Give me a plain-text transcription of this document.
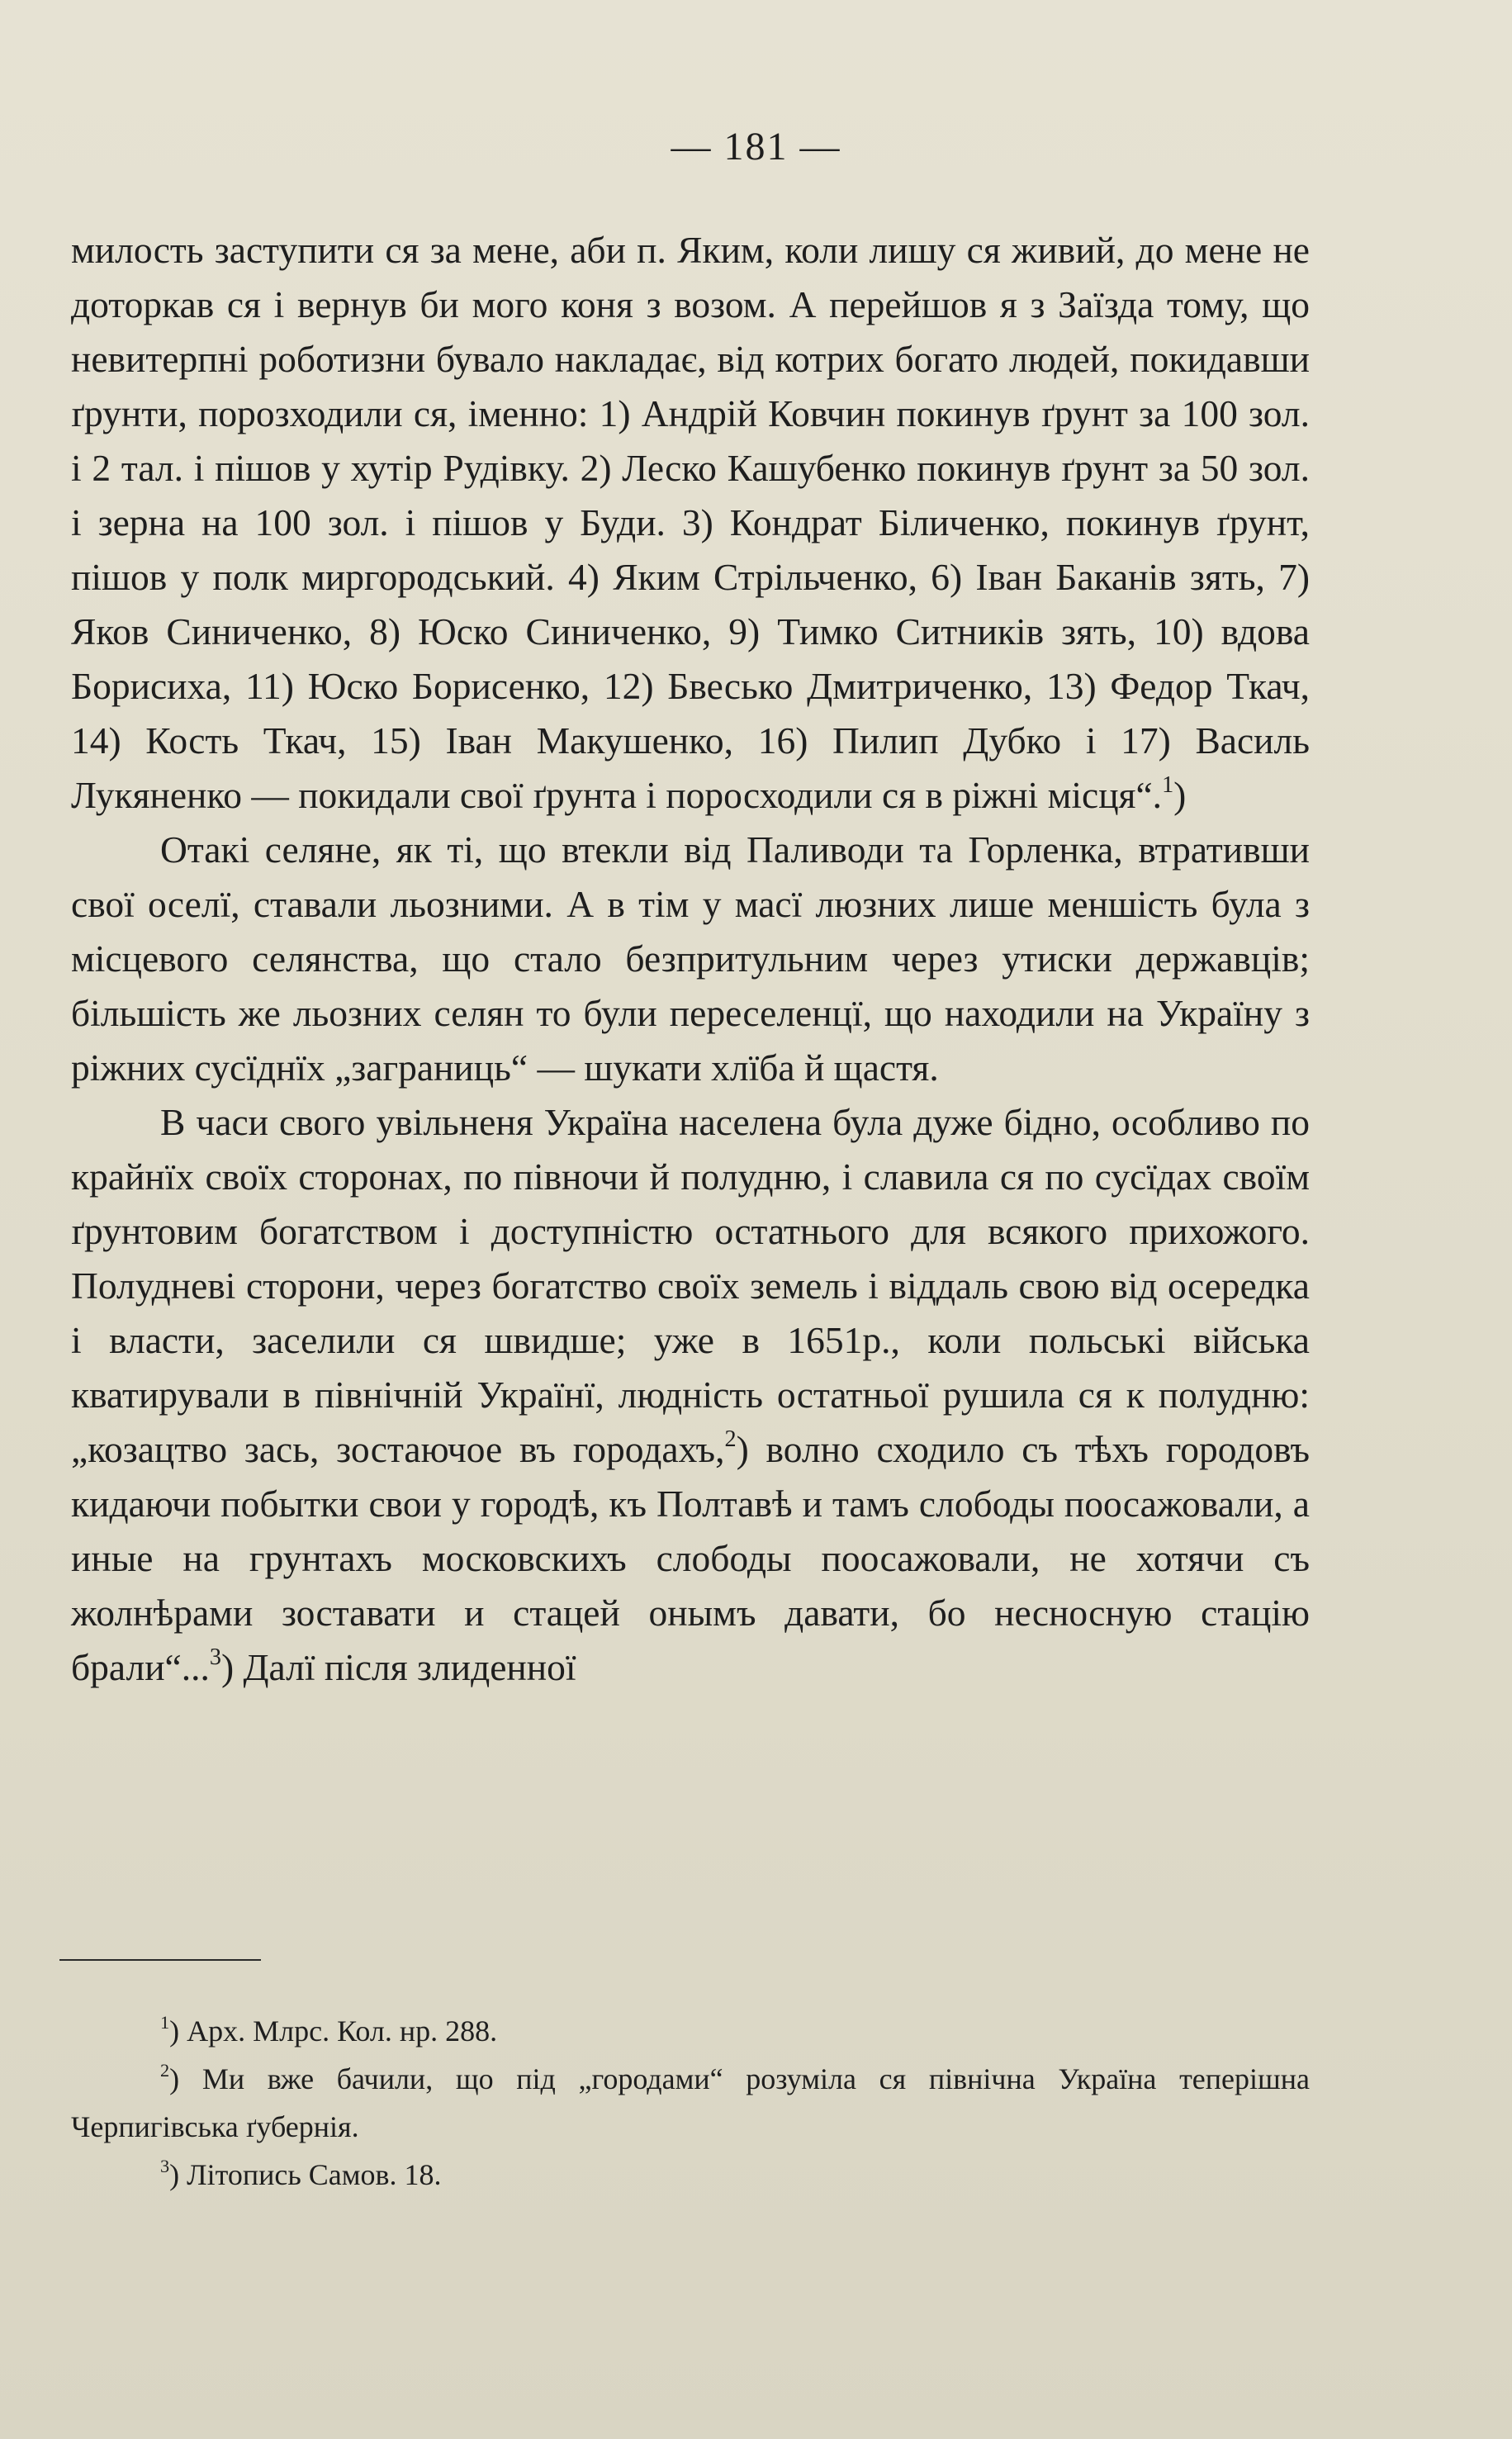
— 181 —

милость заступити ся за мене, аби п. Яким, коли лишу ся живий, до мене не доторкав ся і вернув би мого коня з возом. А перейшов я з Заїзда тому, що невитерпні роботизни бувало накладає, від котрих богато людей, покидавши ґрунти, порозходили ся, іменно: 1) Андрій Ковчин покинув ґрунт за 100 зол. і 2 тал. і пішов у хутір Рудівку. 2) Леско Кашубенко покинув ґрунт за 50 зол. і зерна на 100 зол. і пішов у Буди. 3) Кондрат Біличенко, покинув ґрунт, пішов у полк миргородський. 4) Яким Стрільченко, 6) Іван Баканів зять, 7) Яков Синиченко, 8) Юско Синиченко, 9) Тимко Ситників зять, 10) вдова Борисиха, 11) Юско Борисенко, 12) Бвесько Дмитриченко, 13) Федор Ткач, 14) Кость Ткач, 15) Іван Макушенко, 16) Пилип Дубко і 17) Василь Лукяненко — покидали свої ґрунта і поросходили ся в ріжні місця“.$^1$)

Отакі селяне, як ті, що втекли від Паливоди та Горленка, втративши свої оселї, ставали льозними. А в тім у масї люзних лише меншість була з місцевого селянства, що стало безпритульним через утиски державців; більшість же льозних селян то були переселенцї, що находили на Україну з ріжних сусїднїх „заграниць“ — шукати хлїба й щастя.

В часи свого увільненя Україна населена була дуже бідно, особливо по крайнїх своїх сторонах, по півночи й полудню, і славила ся по сусїдах своїм ґрунтовим богатством і доступністю остатнього для всякого прихожого. Полудневі сторони, через богатство своїх земель і віддаль свою від осередка і власти, заселили ся швидше; уже в 1651р., коли польські війська кватирували в північній Українї, людність остатньої рушила ся к полудню: „козацтво зась, зостаючое въ городахъ,$^2$) волно сходило съ тѣхъ городовъ кидаючи побытки свои у городѣ, къ Полтавѣ и тамъ слободы поосажовали, а иные на грунтахъ московскихъ слободы поосажовали, не хотячи съ жолнѣрами зоставати и стацей онымъ давати, бо несносную стацію брали“...$^3$) Далї після злиденної

$^1$) Арх. Млрс. Кол. нр. 288.

$^2$) Ми вже бачили, що під „городами“ розуміла ся північна Україна теперішна Черпигівська ґубернія.

$^3$) Літопись Самов. 18.
